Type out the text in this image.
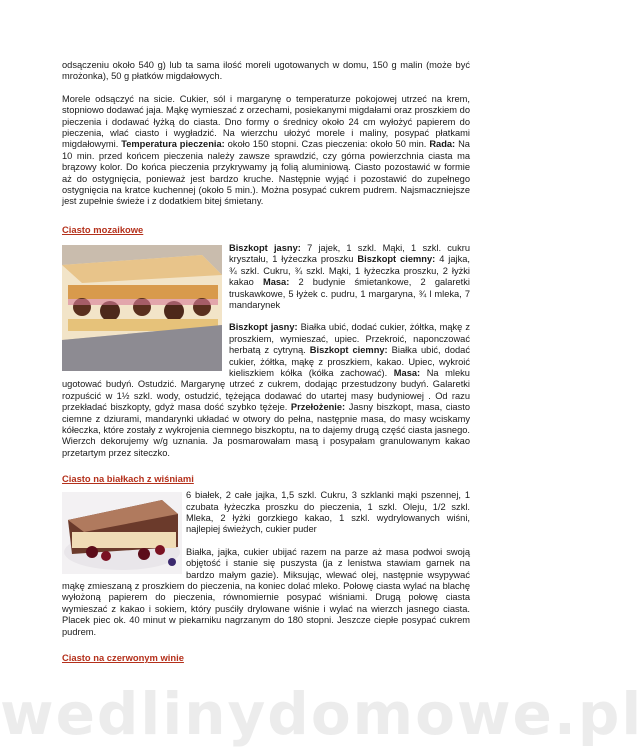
odsączeniu około 540 g) lub ta sama ilość moreli ugotowanych w domu, 150 g malin (może być mrożonka), 50 g płatków migdałowych.

Morele odsączyć na sicie. Cukier, sól i margarynę o temperaturze pokojowej utrzeć na krem, stopniowo dodawać jaja. Mąkę wymieszać z orzechami, posiekanymi migdałami oraz proszkiem do pieczenia i dodawać łyżką do ciasta. Dno formy o średnicy około 24 cm wyłożyć papierem do pieczenia, wlać ciasto i wygładzić. Na wierzchu ułożyć morele i maliny, posypać płatkami migdałowymi. Temperatura pieczenia: około 150 stopni. Czas pieczenia: około 50 min. Rada: Na 10 min. przed końcem pieczenia należy zawsze sprawdzić, czy górna powierzchnia ciasta ma brązowy kolor. Do końca pieczenia przykrywamy ją folią aluminiową. Ciasto pozostawić w formie aż do ostygnięcia, ponieważ jest bardzo kruche. Następnie wyjąć i pozostawić do zupełnego ostygnięcia na kratce kuchennej (około 5 min.). Można posypać cukrem pudrem. Najsmaczniejsze jest zupełnie świeże i z dodatkiem bitej śmietany.

Ciasto mozaikowe

Biszkopt jasny: 7 jajek, 1 szkl. Mąki, 1 szkl. cukru kryształu, 1 łyżeczka proszku Biszkopt ciemny: 4 jajka, ¾ szkl. Cukru, ¾ szkl. Mąki, 1 łyżeczka proszku, 2 łyżki kakao Masa: 2 budynie śmietankowe, 2 galaretki truskawkowe, 5 łyżek c. pudru, 1 margaryna, ¾ l mleka, 7 mandarynek

Biszkopt jasny: Białka ubić, dodać cukier, żółtka, mąkę z proszkiem, wymieszać, upiec. Przekroić, naponczować herbatą z cytryną. Biszkopt ciemny: Białka ubić, dodać cukier, żółtka, mąkę z proszkiem, kakao. Upiec, wykroić kieliszkiem kółka (kółka zachować). Masa: Na mleku ugotować budyń. Ostudzić. Margarynę utrzeć z cukrem, dodając przestudzony budyń. Galaretki rozpuścić w 1½ szkl. wody, ostudzić, tężejąca dodawać do utartej masy budyniowej . Od razu przekładać biszkopty, gdyż masa dość szybko tężeje. Przełożenie: Jasny biszkopt, masa, ciasto ciemne z dziurami, mandarynki układać w otwory do pełna, następnie masa, do masy wciskamy kółeczka, które zostały z wykrojenia ciemnego biszkoptu, na to dajemy drugą część ciasta jasnego. Wierzch dekorujemy w/g uznania. Ja posmarowałam masą i posypałam granulowanym kakao przetartym przez siteczko.

Ciasto na białkach z wiśniami

6 białek, 2 całe jajka, 1,5 szkl. Cukru, 3 szklanki mąki pszennej, 1 czubata łyżeczka proszku do pieczenia, 1 szkl. Oleju, 1/2 szkl. Mleka, 2 łyżki gorzkiego kakao, 1 szkl. wydrylowanych wiśni, najlepiej świeżych, cukier puder

Białka, jajka, cukier ubijać razem na parze aż masa podwoi swoją objętość i stanie się puszysta (ja z lenistwa stawiam garnek na bardzo małym gazie). Miksując, wlewać olej, następnie wsypywać mąkę zmieszaną z proszkiem do pieczenia, na koniec dolać mleko. Połowę ciasta wylać na blachę wyłożoną papierem do pieczenia, równomiernie posypać wiśniami. Drugą połowę ciasta wymieszać z kakao i sokiem, który pusćiły drylowane wiśnie i wylać na wierzch jasnego ciasta. Placek piec ok. 40 minut w piekarniku nagrzanym do 180 stopni. Jeszcze ciepłe posypać cukrem pudrem.

Ciasto na czerwonym winie

wedlinydomowe.pl
